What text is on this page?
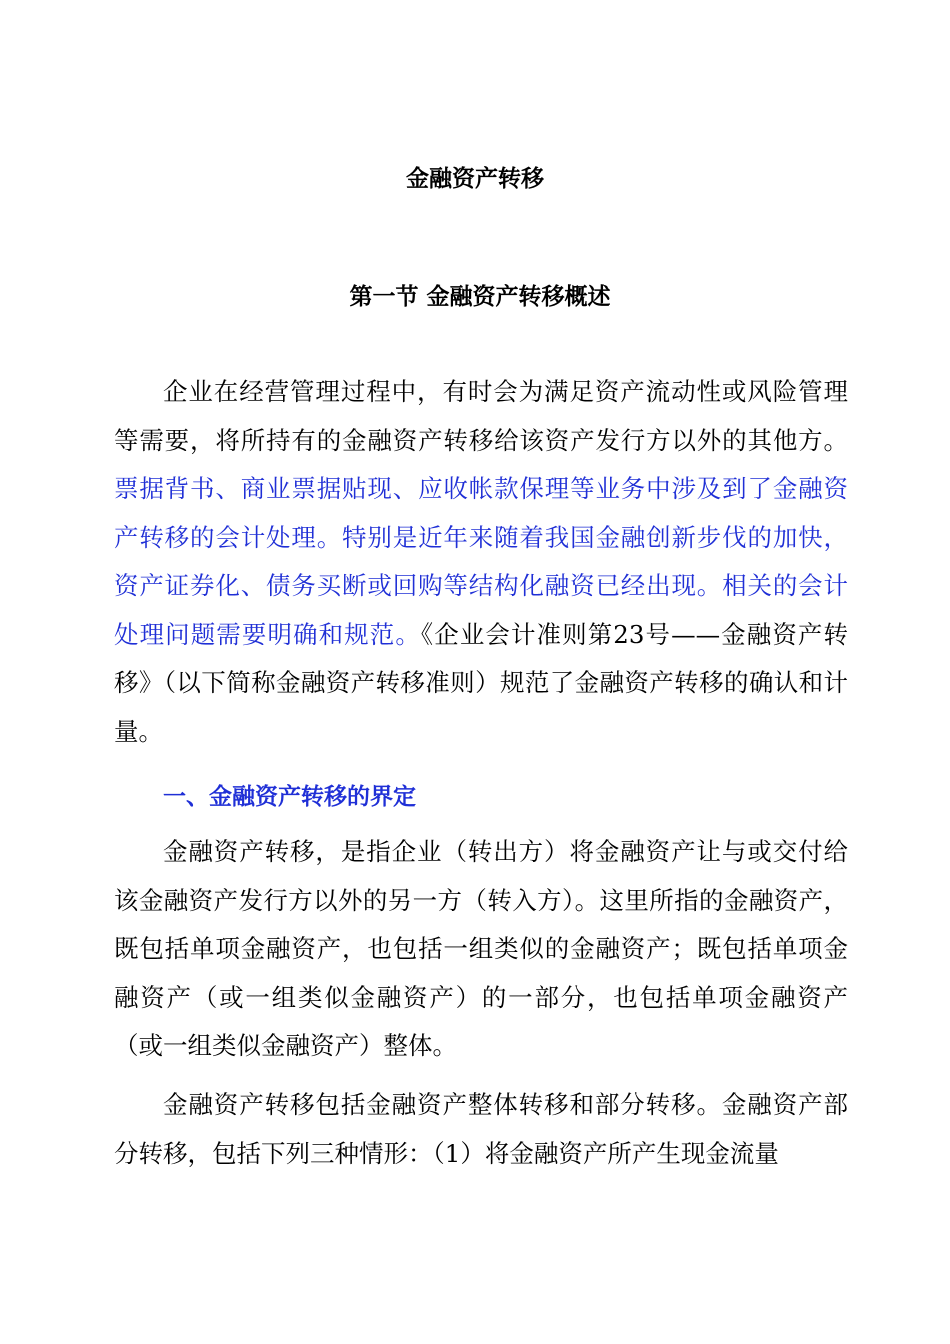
金融资产转移
第一节 金融资产转移概述

企业在经营管理过程中，有时会为满足资产流动性或风险管理等需要，将所持有的金融资产转移给该资产发行方以外的其他方。票据背书、商业票据贴现、应收帐款保理等业务中涉及到了金融资产转移的会计处理。特别是近年来随着我国金融创新步伐的加快，资产证券化、债务买断或回购等结构化融资已经出现。相关的会计处理问题需要明确和规范。《企业会计准则第23号——金融资产转移》（以下简称金融资产转移准则）规范了金融资产转移的确认和计量。

一、金融资产转移的界定

金融资产转移，是指企业（转出方）将金融资产让与或交付给该金融资产发行方以外的另一方（转入方）。这里所指的金融资产，既包括单项金融资产，也包括一组类似的金融资产；既包括单项金融资产（或一组类似金融资产）的一部分，也包括单项金融资产（或一组类似金融资产）整体。

金融资产转移包括金融资产整体转移和部分转移。金融资产部分转移，包括下列三种情形：（1）将金融资产所产生现金流量
